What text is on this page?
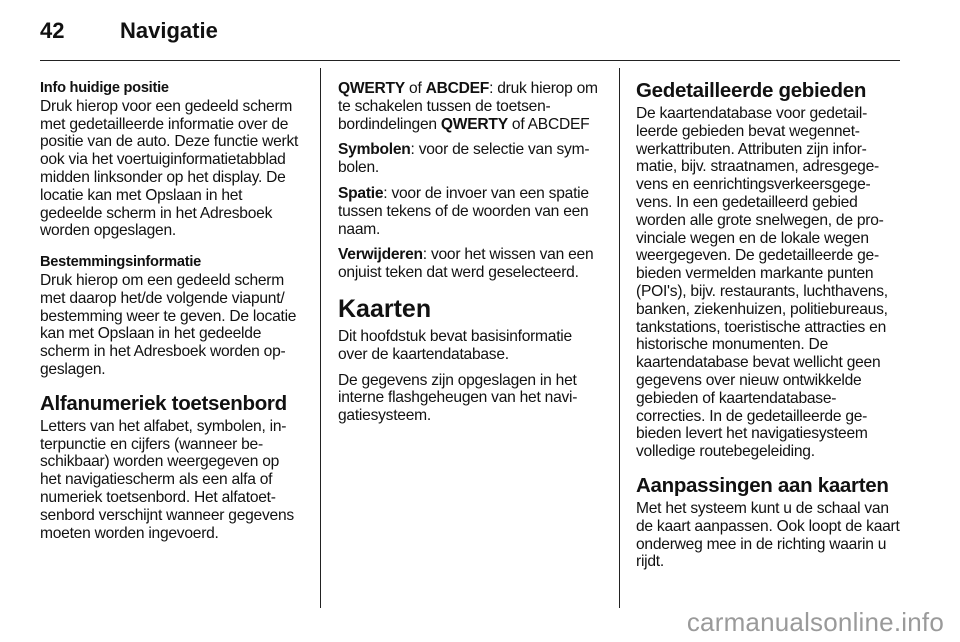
42	Navigatie

Info huidige positie
Druk hierop voor een gedeeld scherm met gedetailleerde informatie over de positie van de auto. Deze functie werkt ook via het voertuiginformatietabblad midden linksonder op het display. De locatie kan met Opslaan in het gedeelde scherm in het Adresboek worden opgeslagen.

Bestemmingsinformatie
Druk hierop om een gedeeld scherm met daarop het/de volgende viapunt/ bestemming weer te geven. De locatie kan met Opslaan in het gedeelde scherm in het Adresboek worden opgeslagen.

Alfanumeriek toetsenbord

Letters van het alfabet, symbolen, interpunctie en cijfers (wanneer beschikbaar) worden weergegeven op het navigatiescherm als een alfa of numeriek toetsenbord. Het alfatoetsenbord verschijnt wanneer gegevens moeten worden ingevoerd.

QWERTY of ABCDEF: druk hierop om te schakelen tussen de toetsenbordindelingen QWERTY of ABCDEF

Symbolen: voor de selectie van symbolen.

Spatie: voor de invoer van een spatie tussen tekens of de woorden van een naam.

Verwijderen: voor het wissen van een onjuist teken dat werd geselecteerd.

Kaarten

Dit hoofdstuk bevat basisinformatie over de kaartendatabase.

De gegevens zijn opgeslagen in het interne flashgeheugen van het navigatiesysteem.

Gedetailleerde gebieden

De kaartendatabase voor gedetailleerde gebieden bevat wegennetwerkattributen. Attributen zijn informatie, bijv. straatnamen, adresgegevens en eenrichtingsverkeersgegevens. In een gedetailleerd gebied worden alle grote snelwegen, de provinciale wegen en de lokale wegen weergegeven. De gedetailleerde gebieden vermelden markante punten (POI's), bijv. restaurants, luchthavens, banken, ziekenhuizen, politiebureaus, tankstations, toeristische attracties en historische monumenten. De kaartendatabase bevat wellicht geen gegevens over nieuw ontwikkelde gebieden of kaartendatabasecorrecties. In de gedetailleerde gebieden levert het navigatiesysteem volledige routebegeleiding.

Aanpassingen aan kaarten

Met het systeem kunt u de schaal van de kaart aanpassen. Ook loopt de kaart onderweg mee in de richting waarin u rijdt.

carmanualsonline.info
